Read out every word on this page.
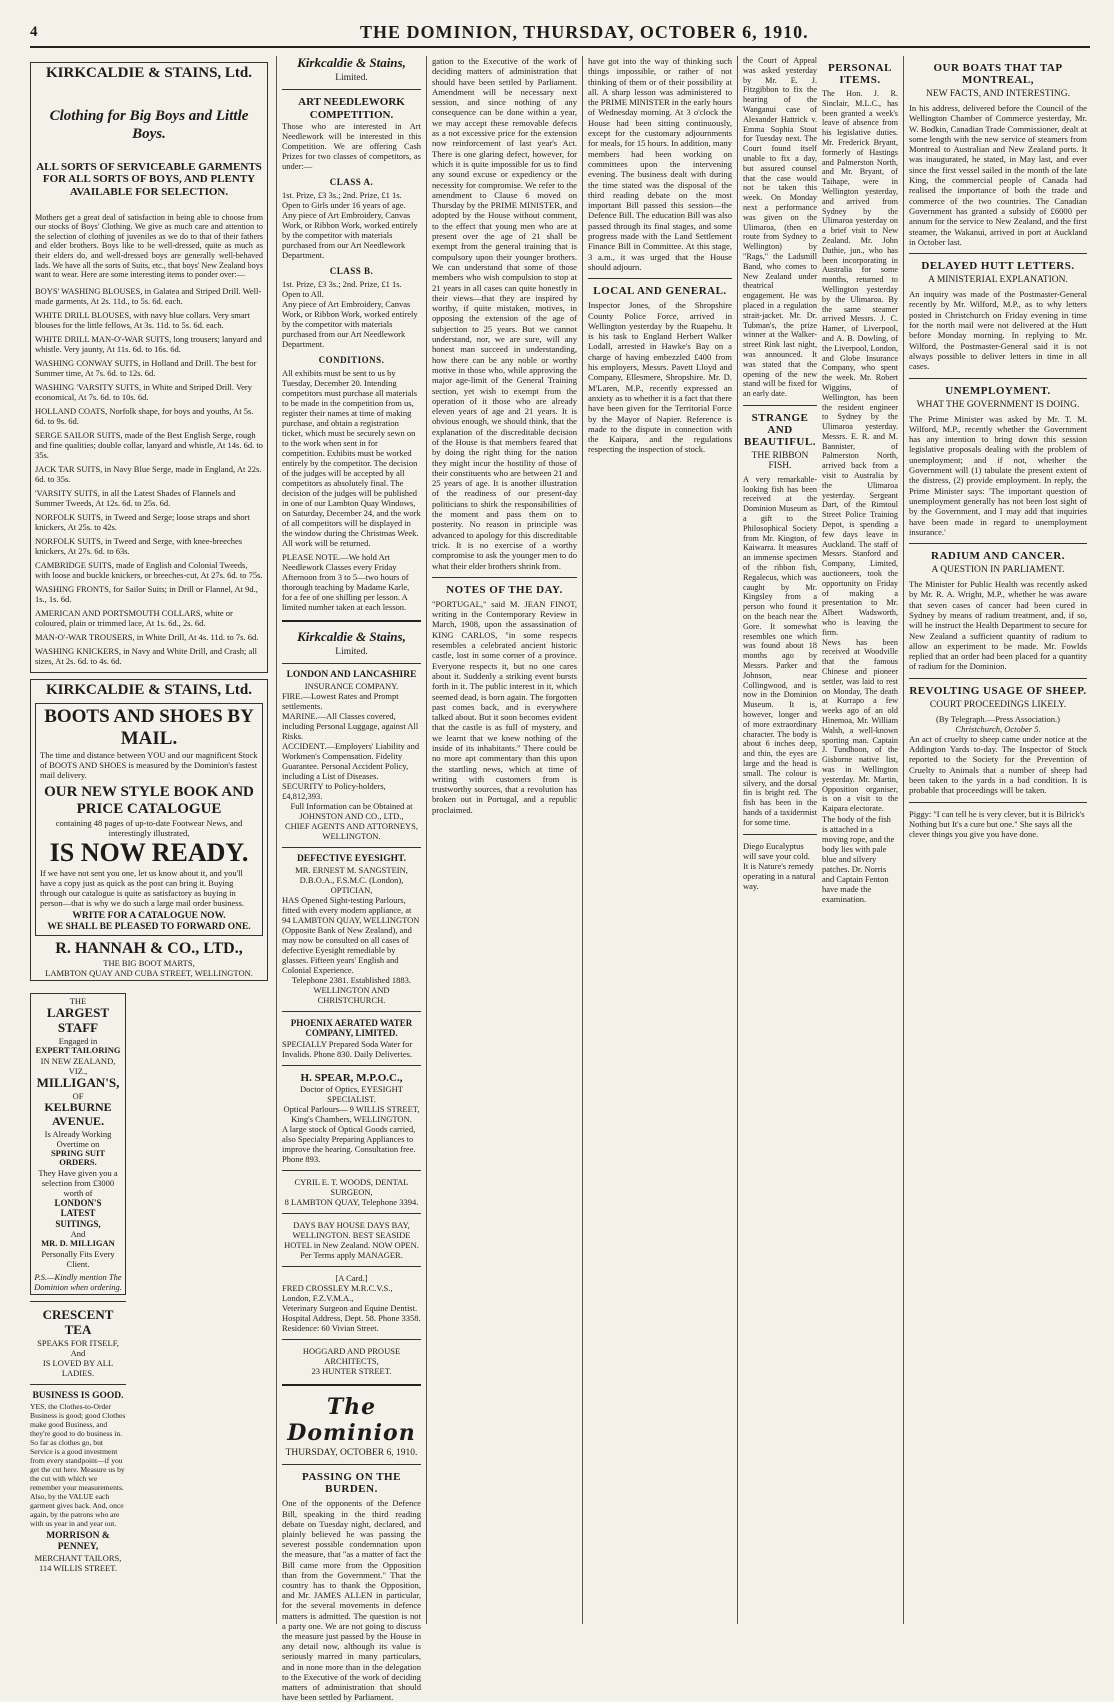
4	THE DOMINION, THURSDAY, OCTOBER 6, 1910.
KIRKCALDIE & STAINS, Ltd.
Clothing for Big Boys and Little Boys.
ALL SORTS OF SERVICEABLE GARMENTS FOR ALL SORTS OF BOYS, AND PLENTY AVAILABLE FOR SELECTION.
Mothers get a great deal of satisfaction in being able to choose from our stocks of Boys' Clothing. We give as much care and attention to the selection of clothing of juveniles as we do to that of their fathers and elder brothers. Boys like to be well-dressed, quite as much as their elders do, and well-dressed boys are generally well-behaved lads. We have all the sorts of Suits, etc., that boys' New Zealand boys want to wear. Here are some interesting items to ponder over:—
BOYS' WASHING BLOUSES, in Galatea and Striped Drill. Well-made garments, At 2s. 11d., to 5s. 6d. each.
WHITE DRILL BLOUSES, with navy blue collars. Very smart blouses for the little fellows, At 3s. 11d. to 5s. 6d. each.
WHITE DRILL MAN-O'-WAR SUITS, long trousers; lanyard and whistle. Very jaunty, At 11s. 6d. to 16s. 6d.
WASHING CONWAY SUITS, in Holland and Drill. The best for Summer time, At 7s. 6d. to 12s. 6d.
WASHING 'VARSITY SUITS, in White and Striped Drill. Very economical, At 7s. 6d. to 10s. 6d.
HOLLAND COATS, Norfolk shape, for boys and youths, At 5s. 6d. to 9s. 6d.
SERGE SAILOR SUITS, made of the Best English Serge, rough and fine qualities; double collar, lanyard and whistle, At 14s. 6d. to 35s.
JACK TAR SUITS, in Navy Blue Serge, made in England, At 22s. 6d. to 35s.
'VARSITY SUITS, in all the Latest Shades of Flannels and Summer Tweeds, At 12s. 6d. to 25s. 6d.
NORFOLK SUITS, in Tweed and Serge; loose straps and short knickers, At 25s. to 42s.
NORFOLK SUITS, in Tweed and Serge, with knee-breeches knickers, At 27s. 6d. to 63s.
CAMBRIDGE SUITS, made of English and Colonial Tweeds, with loose and buckle knickers, or breeches-cut, At 27s. 6d. to 75s.
WASHING FRONTS, for Sailor Suits; in Drill or Flannel, At 9d., 1s., 1s. 6d.
AMERICAN AND PORTSMOUTH COLLARS, white or coloured, plain or trimmed lace, At 1s. 6d., 2s. 6d.
MAN-O'-WAR TROUSERS, in White Drill, At 4s. 11d. to 7s. 6d.
WASHING KNICKERS, in Navy and White Drill, and Crash; all sizes, At 2s. 6d. to 4s. 6d.
KIRKCALDIE & STAINS, Ltd.
BOOTS AND SHOES BY MAIL.
The time and distance between YOU and our magnificent Stock of BOOTS AND SHOES is measured by the Dominion's fastest mail delivery.
OUR NEW STYLE BOOK AND PRICE CATALOGUE
containing 48 pages of up-to-date Footwear News, and interestingly illustrated,
IS NOW READY.
If we have not sent you one, let us know about it, and you'll have a copy just as quick as the post can bring it. Buying through our catalogue is quite as satisfactory as buying in person—that is why we do such a large mail order business.
WRITE FOR A CATALOGUE NOW.
WE SHALL BE PLEASED TO FORWARD ONE.
R. HANNAH & CO., LTD.,
THE BIG BOOT MARTS,
LAMBTON QUAY AND CUBA STREET, WELLINGTON.
THE
LARGEST STAFF
Engaged in
EXPERT TAILORING
IN NEW ZEALAND, VIZ.,
MILLIGAN'S,
OF
KELBURNE AVENUE.
Is Already Working Overtime on
SPRING SUIT ORDERS.
They Have given you a selection from £3000 worth of
LONDON'S
LATEST
SUITINGS,
And
MR. D. MILLIGAN
Personally Fits Every Client.
P.S.—Kindly mention The Dominion when ordering.
CRESCENT TEA
SPEAKS FOR ITSELF,
And
IS LOVED BY ALL
LADIES.
BUSINESS IS GOOD.
YES, the Clothes-to-Order Business is good; good Clothes make good Business, and they're good to do business in. So far as clothes go, but Service is a good investment from every standpoint—if you get the cut here. Measure us by the cut with which we remember your measurements. Also, by the VALUE each garment gives back. And, once again, by the patrons who are with us year in and year out.
MORRISON & PENNEY,
MERCHANT TAILORS,
114 WILLIS STREET.
Kirkcaldie & Stains,
Limited.
ART NEEDLEWORK COMPETITION.
Those who are interested in Art Needlework will be interested in this Competition. We are offering Cash Prizes for two classes of competitors, as under:—
CLASS A.
1st. Prize, £3 3s.; 2nd. Prize, £1 1s. Open to Girls under 16 years of age.
Any piece of Art Embroidery, Canvas Work, or Ribbon Work, worked entirely by the competitor with materials purchased from our Art Needlework Department.
CLASS B.
1st. Prize, £3 3s.; 2nd. Prize, £1 1s. Open to All.
Any piece of Art Embroidery, Canvas Work, or Ribbon Work, worked entirely by the competitor with materials purchased from our Art Needlework Department.
CONDITIONS.
All exhibits must be sent to us by Tuesday, December 20. Intending competitors must purchase all materials to be made in the competition from us, register their names at time of making purchase, and obtain a registration ticket, which must be securely sewn on to the work when sent in for competition. Exhibits must be worked entirely by the competitor. The decision of the judges will be accepted by all competitors as absolutely final. The decision of the judges will be published in one of our Lambton Quay Windows, on Saturday, December 24, and the work of all competitors will be displayed in the window during the Christmas Week. All work will be returned.
PLEASE NOTE.—We hold Art Needlework Classes every Friday Afternoon from 3 to 5—two hours of thorough teaching by Madame Karle, for a fee of one shilling per lesson. A limited number taken at each lesson.
Kirkcaldie & Stains,
Limited.
LONDON AND LANCASHIRE
INSURANCE COMPANY.
FIRE.—Lowest Rates and Prompt settlements.
MARINE.—All Classes covered, including Personal Luggage, against All Risks.
ACCIDENT.—Employers' Liability and Workmen's Compensation. Fidelity Guarantee. Personal Accident Policy, including a List of Diseases.
SECURITY to Policy-holders, £4,812,393.
Full Information can be Obtained at JOHNSTON AND CO., LTD.,
CHIEF AGENTS AND ATTORNEYS, WELLINGTON.
DEFECTIVE EYESIGHT.
MR. ERNEST M. SANGSTEIN, D.B.O.A., F.S.M.C. (London),
OPTICIAN,
HAS Opened Sight-testing Parlours, fitted with every modern appliance, at 94 LAMBTON QUAY, WELLINGTON (Opposite Bank of New Zealand), and may now be consulted on all cases of defective Eyesight remediable by glasses. Fifteen years' English and Colonial Experience.
Telephone 2381. Established 1883. WELLINGTON AND CHRISTCHURCH.
PHOENIX AERATED WATER COMPANY, LIMITED.
SPECIALLY Prepared Soda Water for Invalids. Phone 830. Daily Deliveries.
H. SPEAR, M.P.O.C.,
Doctor of Optics, EYESIGHT SPECIALIST.
Optical Parlours— 9 WILLIS STREET, King's Chambers, WELLINGTON.
A large stock of Optical Goods carried, also Specialty Preparing Appliances to improve the hearing. Consultation free. Phone 893.
CYRIL E. T. WOODS, DENTAL SURGEON,
8 LAMBTON QUAY, Telephone 3394.
DAYS BAY HOUSE DAYS BAY, WELLINGTON. BEST SEASIDE HOTEL in New Zealand. NOW OPEN. Per Terms apply MANAGER.
[A Card.]
FRED CROSSLEY M.R.C.V.S., London, F.Z.V.M.A.,
Veterinary Surgeon and Equine Dentist. Hospital Address, Dept. 58. Phone 3358. Residence: 60 Vivian Street.
HOGGARD AND PROUSE ARCHITECTS,
23 HUNTER STREET.
The Dominion
THURSDAY, OCTOBER 6, 1910.
PASSING ON THE BURDEN.
One of the opponents of the Defence Bill, speaking in the third reading debate on Tuesday night, declared, and plainly believed he was passing the severest possible condemnation upon the measure, that "as a matter of fact the Bill came more from the Opposition than from the Government." That the country has to thank the Opposition, and Mr. JAMES ALLEN in particular, for the several movements in defence matters is admitted. The question is not a party one. We are not going to discuss the measure just passed by the House in any detail now, although its value is seriously marred in many particulars, and in none more than in the delegation to the Executive of the work of deciding matters of administration that should have been settled by Parliament.
gation to the Executive of the work of deciding matters of administration that should have been settled by Parliament. Amendment will be necessary next session, and since nothing of any consequence can be done within a year, we may accept these removable defects as a not excessive price for the extension now reinforcement of last year's Act. There is one glaring defect, however, for which it is quite impossible for us to find any sound excuse or expediency or the necessity for compromise. We refer to the amendment to Clause 6 moved on Thursday by the PRIME MINISTER, and adopted by the House without comment, to the effect that young men who are at present over the age of 21 shall be exempt from the general training that is compulsory upon their younger brothers. We can understand that some of those members who wish compulsion to stop at 21 years in all cases can quite honestly in their views—that they are inspired by worthy, if quite mistaken, motives, in opposing the extension of the age of subjection to 25 years. But we cannot understand, nor, we are sure, will any honest man succeed in understanding, how there can be any noble or worthy motive in those who, while approving the major age-limit of the General Training section, yet wish to exempt from the operation of it those who are already eleven years of age and 21 years. It is obvious enough, we should think, that the explanation of the discreditable decision of the House is that members feared that by doing the right thing for the nation they might incur the hostility of those of their constituents who are between 21 and 25 years of age. It is another illustration of the readiness of our present-day politicians to shirk the responsibilities of the moment and pass them on to posterity. No reason in principle was advanced to apology for this discreditable trick. It is no exercise of a worthy compromise to ask the younger men to do what their elder brothers shrink from.
NOTES OF THE DAY.
"PORTUGAL," said M. JEAN FINOT, writing in the Contemporary Review in March, 1908, upon the assassination of KING CARLOS, "in some respects resembles a celebrated ancient historic castle, lost in some corner of a province. Everyone respects it, but no one cares about it. Suddenly a striking event bursts forth in it. The public interest in it, which seemed dead, is born again. The forgotten past comes back, and is everywhere talked about. But it soon becomes evident that the castle is as full of mystery, and we learnt that we knew nothing of the inside of its inhabitants." There could be no more apt commentary than this upon the startling news, which at time of writing with customers from is trustworthy sources, that a revolution has broken out in Portugal, and a republic proclaimed.
have got into the way of thinking such things impossible, or rather of not thinking of them or of their possibility at all. A sharp lesson was administered to the PRIME MINISTER in the early hours of Wednesday morning. At 3 o'clock the House had been sitting continuously, except for the customary adjournments for meals, for 15 hours. In addition, many members had been working on committees upon the intervening evening. The business dealt with during the time stated was the disposal of the third reading debate on the most important Bill passed this session—the Defence Bill. The education Bill was also passed through its final stages, and some progress made with the Land Settlement Finance Bill in Committee. At this stage, 3 a.m., it was urged that the House should adjourn.
LOCAL AND GENERAL.
Inspector Jones, of the Shropshire County Police Force, arrived in Wellington yesterday by the Ruapehu. It is his task to England Herbert Walker Lodall, arrested in Hawke's Bay on a charge of having embezzled £400 from his employers, Messrs. Pavett Lloyd and Company, Ellesmere, Shropshire. Mr. D. M'Laren, M.P., recently expressed an anxiety as to whether it is a fact that there have been given for the Territorial Force by the Mayor of Napier. Reference is made to the dispute in connection with the Kaipara, and the regulations respecting the inspection of stock.
the Court of Appeal was asked yesterday by Mr. E. J. Fitzgibbon to fix the hearing of the Wanganui case of Alexander Hattrick v. Emma Sophia Stout for Tuesday next. The Court found itself unable to fix a day, but assured counsel that the case would not be taken this week. On Monday next a performance was given on the Ulimaroa, (then en route from Sydney to Wellington) by "Rags," the Ladsmill Band, who comes to New Zealand under theatrical engagement. He was placed in a regulation strait-jacket. Mr. Dr. Tubman's, the prize winner at the Walker-street Rink last night, was announced. It was stated that the opening of the new stand will be fixed for an early date.
STRANGE AND BEAUTIFUL.
THE RIBBON FISH.
A very remarkable-looking fish has been received at the Dominion Museum as a gift to the Philosophical Society from Mr. Kington, of Kaiwarra. It measures an immense specimen of the ribbon fish, Regalecus, which was caught by Mr. Kingsley from a person who found it on the beach near the Gore. It somewhat resembles one which was found about 18 months ago by Messrs. Parker and Johnson, near Collingwood, and is now in the Dominion Museum. It is, however, longer and of more extraordinary character. The body is about 6 inches deep, and thin, the eyes are large and the head is small. The colour is silvery, and the dorsal fin is bright red. The fish has been in the hands of a taxidermist for some time.
Diego Eucalyptus will save your cold. It is Nature's remedy operating in a natural way.
OUR BOATS THAT TAP MONTREAL,
NEW FACTS, AND INTERESTING.
In his address, delivered before the Council of the Wellington Chamber of Commerce yesterday, Mr. W. Bodkin, Canadian Trade Commissioner, dealt at some length with the new service of steamers from Montreal to Australian and New Zealand ports. It was inaugurated, he stated, in May last, and ever since the first vessel sailed in the month of the late King, the commercial people of Canada had realised the importance of both the trade and commerce of the two countries. The Canadian Government has granted a subsidy of £6000 per annum for the service to New Zealand, and the first steamer, the Wakanui, arrived in port at Auckland in October last.
DELAYED HUTT LETTERS.
A MINISTERIAL EXPLANATION.
An inquiry was made of the Postmaster-General recently by Mr. Wilford, M.P., as to why letters posted in Christchurch on Friday evening in time for the north mail were not delivered at the Hutt before Monday morning. In replying to Mr. Wilford, the Postmaster-General said it is not always possible to deliver letters in time in all cases.
UNEMPLOYMENT.
WHAT THE GOVERNMENT IS DOING.
The Prime Minister was asked by Mr. T. M. Wilford, M.P., recently whether the Government has any intention to bring down this session legislative proposals dealing with the problem of unemployment; and if not, whether the Government will (1) tabulate the present extent of the distress, (2) provide employment. In reply, the Prime Minister says: 'The important question of unemployment generally has not been lost sight of by the Government, and I may add that inquiries have been made in regard to unemployment insurance.'
RADIUM AND CANCER.
A QUESTION IN PARLIAMENT.
The Minister for Public Health was recently asked by Mr. R. A. Wright, M.P., whether he was aware that seven cases of cancer had been cured in Sydney by means of radium treatment, and, if so, will he instruct the Health Department to secure for New Zealand a sufficient quantity of radium to allow an experiment to be made. Mr. Fowlds replied that an order had been placed for a quantity of radium for the Dominion.
REVOLTING USAGE OF SHEEP.
COURT PROCEEDINGS LIKELY.
(By Telegraph.—Press Association.)
Christchurch, October 5.
An act of cruelty to sheep came under notice at the Addington Yards to-day. The Inspector of Stock reported to the Society for the Prevention of Cruelty to Animals that a number of sheep had been taken to the yards in a bad condition. It is probable that proceedings will be taken.
Piggy: "I can tell he is very clever, but it is Bilrick's Nothing but It's a cure but one." She says all the clever things you give you have done.
PERSONAL ITEMS.
The Hon. J. R. Sinclair, M.L.C., has been granted a week's leave of absence from his legislative duties. Mr. Frederick Bryant, formerly of Hastings and Palmerston North, and Mr. Bryant, of Taihape, were in Wellington yesterday, and arrived from Sydney by the Ulimaroa yesterday on a brief visit to New Zealand. Mr. John Dathie, jun., who has been incorporating in Australia for some months, returned to Wellington yesterday by the Ulimaroa. By the same steamer arrived Messrs. J. C. Hamer, of Liverpool, and A. B. Dowling, of the Liverpool, London, and Globe Insurance Company, who spent the week. Mr. Robert Wiggins, of Wellington, has been the resident engineer to Sydney by the Ulimaroa yesterday. Messrs. E. R. and M. Bannister, of Palmerston North, arrived back from a visit to Australia by the Ulimaroa yesterday. Sergeant Dart, of the Rimtoul Street Police Training Depot, is spending a few days leave in Auckland. The staff of Messrs. Stanford and Company, Limited, auctioneers, took the opportunity on Friday of making a presentation to Mr. Albert Wadsworth, who is leaving the firm.
News has been received at Woodville that the famous Chinese and pioneer settler, was laid to rest on Monday, The death at Kurrapo a few weeks ago of an old Hinemoa, Mr. William Walsh, a well-known sporting man. Captain J. Tundhoon, of the Gisborne native list, was in Wellington yesterday. Mr. Martin, Opposition organiser, is on a visit to the Kaipara electorate.
The body of the fish is attached in a moving rope, and the body lies with pale blue and silvery patches. Dr. Norris and Captain Fenton have made the examination.
